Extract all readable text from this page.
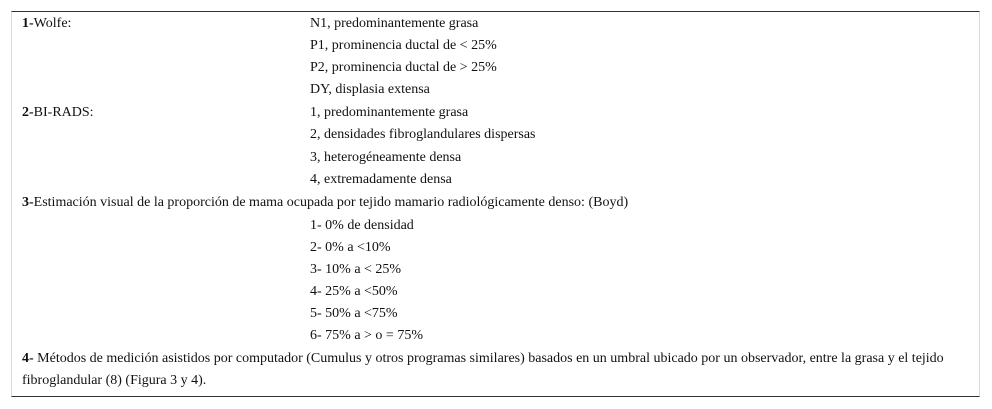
1-Wolfe:	N1, predominantemente grasa
P1, prominencia ductal de < 25%
P2, prominencia ductal de > 25%
DY, displasia extensa
2-BI-RADS:	1, predominantemente grasa
2, densidades fibroglandulares dispersas
3, heterogéneamente densa
4, extremadamente densa
3-Estimación visual de la proporción de mama ocupada por tejido mamario radiológicamente denso: (Boyd)
1- 0% de densidad
2- 0% a <10%
3- 10% a < 25%
4- 25% a <50%
5- 50% a <75%
6- 75% a > o = 75%
4- Métodos de medición asistidos por computador (Cumulus y otros programas similares) basados en un umbral ubicado por un observador, entre la grasa y el tejido fibroglandular (8) (Figura 3 y 4).
